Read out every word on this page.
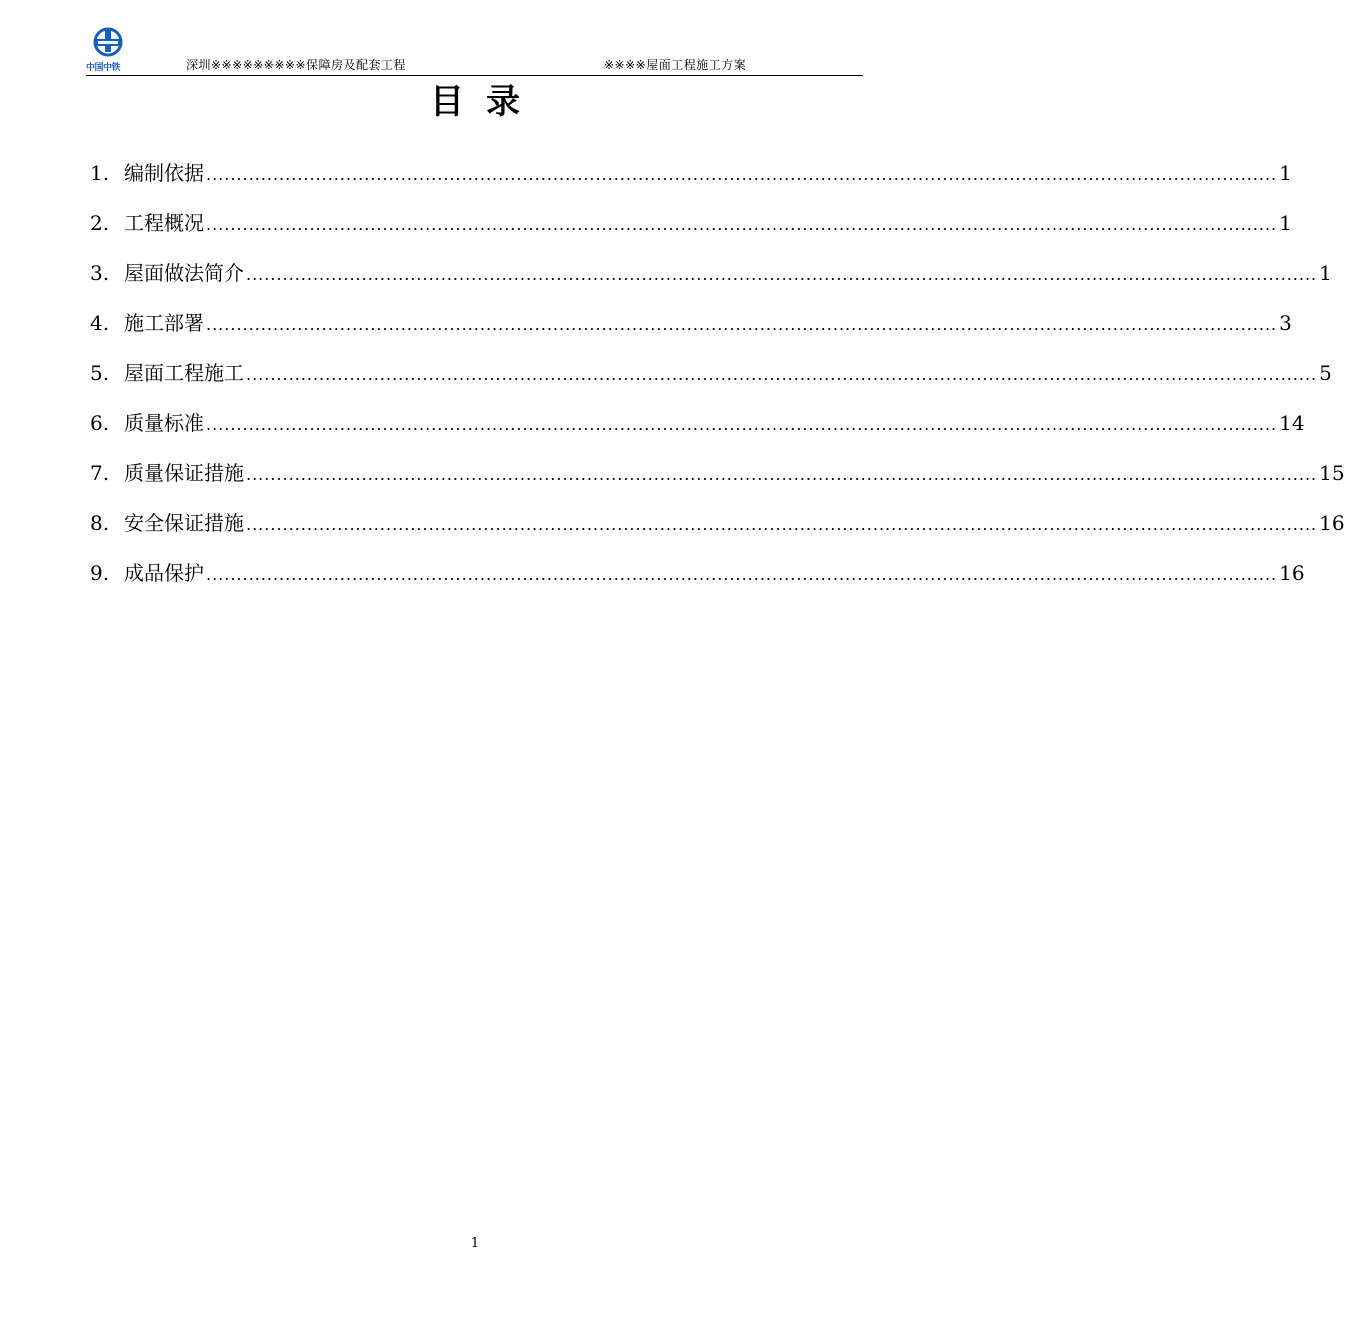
中国中铁	深圳※※※※※※※※※保障房及配套工程	※※※※屋面工程施工方案
目录
1. 编制依据 ................................................................................................................................................................................ 1
2. 工程概况 ................................................................................................................................................................................ 1
3. 屋面做法简介 ................................................................................................................................................................................ 1
4. 施工部署 ................................................................................................................................................................................ 3
5. 屋面工程施工 ................................................................................................................................................................................ 5
6. 质量标准 ................................................................................................................................................................................ 14
7. 质量保证措施 ................................................................................................................................................................................ 15
8. 安全保证措施 ................................................................................................................................................................................ 16
9. 成品保护 ................................................................................................................................................................................ 16
1
